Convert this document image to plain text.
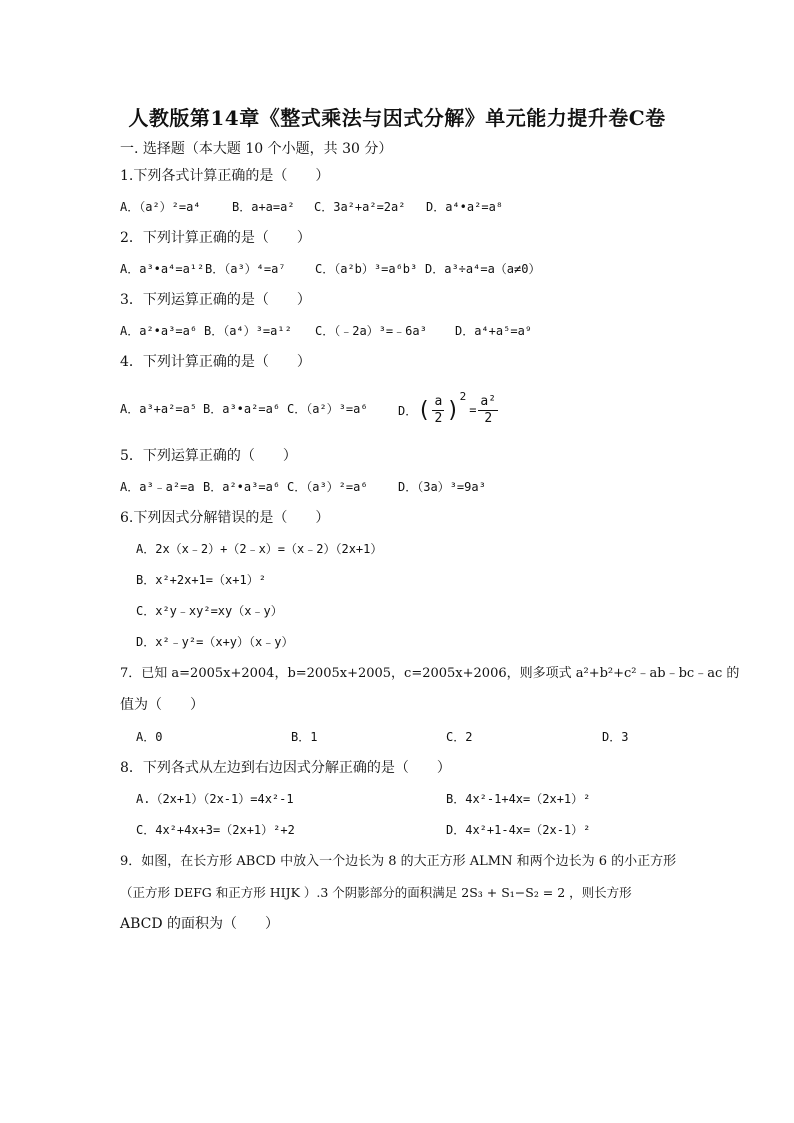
人教版第14章《整式乘法与因式分解》单元能力提升卷C卷
一. 选择题（本大题 10 个小题，共 30 分）
1.下列各式计算正确的是（　　）
A．（a²）²=a⁴	B．a+a=a² C．3a²+a²=2a² D．a⁴•a²=a⁸
2．下列计算正确的是（　　）
A．a³•a⁴=a¹² B．（a³）⁴=a⁷ C．（a²b）³=a⁶b³ D．a³÷a⁴=a（a≠0）
3．下列运算正确的是（　　）
A．a²•a³=a⁶ B．（a⁴）³=a¹² C．（﹣2a）³=﹣6a³ D．a⁴+a⁵=a⁹
4．下列计算正确的是（　　）
A．a³+a²=a⁵ B．a³•a²=a⁶ C．（a²）³=a⁶	D． ( $\frac{a}{2}$ )
2
= $\frac{\text{a²}}{2}$
5．下列运算正确的（　　）
A．a³﹣a²=a B．a²•a³=a⁶ C．（a³）²=a⁶	D．（3a）³=9a³
6.下列因式分解错误的是（　　）
A．2x（x﹣2）+（2﹣x）=（x﹣2）（2x+1）
B．x²+2x+1=（x+1）²
C．x²y﹣xy²=xy（x﹣y）
D．x²﹣y²=（x+y）（x﹣y）
7．已知 a=2005x+2004，b=2005x+2005，c=2005x+2006，则多项式 a²+b²+c²﹣ab﹣bc﹣ac 的
值为（　　）
A．0	B．1	C．2	D．3
8．下列各式从左边到右边因式分解正确的是（　　）
A.（2x+1）（2x-1）=4x²-1	B．4x²-1+4x=（2x+1）²
C．4x²+4x+3=（2x+1）²+2	D．4x²+1-4x=（2x-1）²
9．如图，在长方形 ABCD 中放入一个边长为 8 的大正方形 ALMN 和两个边长为 6 的小正方形
（正方形 DEFG 和正方形 HIJK ）.3 个阴影部分的面积满足 2S₃ + S₁−S₂ = 2 ，则长方形
ABCD 的面积为（　　）
